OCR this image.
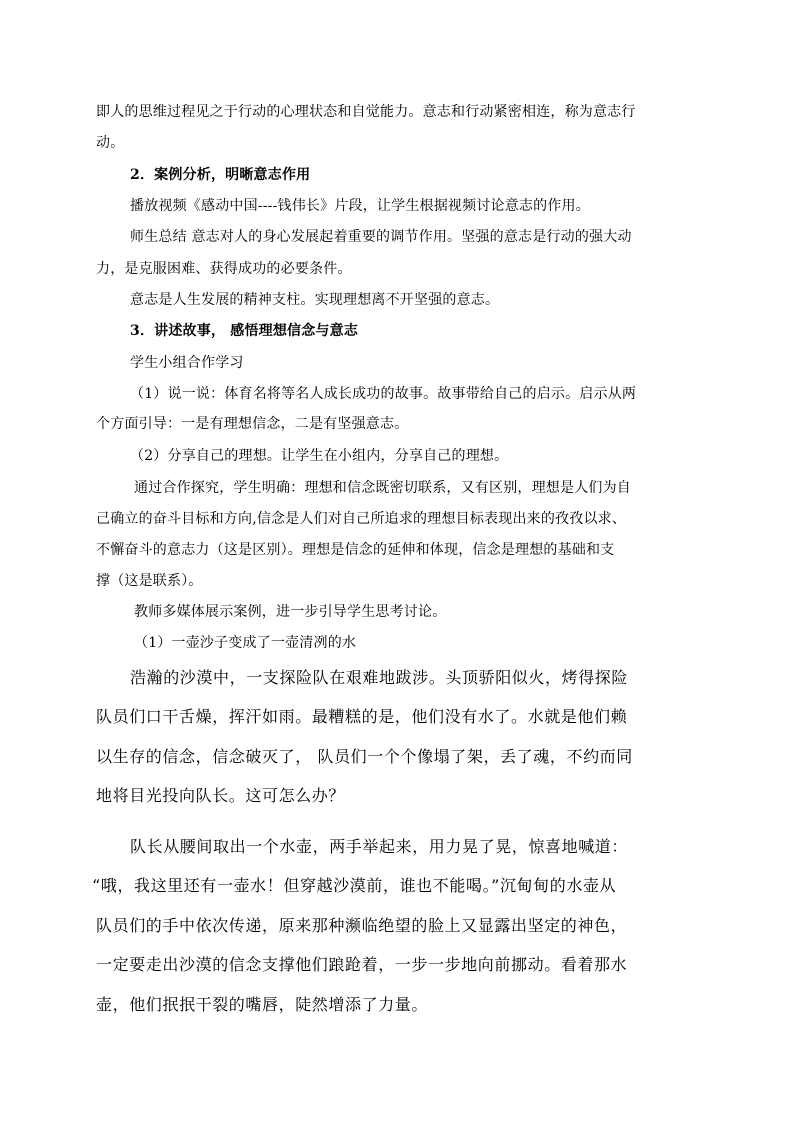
即人的思维过程见之于行动的心理状态和自觉能力。意志和行动紧密相连，称为意志行
动。
2．案例分析，明晰意志作用
播放视频《感动中国----钱伟长》片段，让学生根据视频讨论意志的作用。
师生总结 意志对人的身心发展起着重要的调节作用。坚强的意志是行动的强大动
力，是克服困难、获得成功的必要条件。
意志是人生发展的精神支柱。实现理想离不开坚强的意志。
3．讲述故事， 感悟理想信念与意志
学生小组合作学习
（1）说一说：体育名将等名人成长成功的故事。故事带给自己的启示。启示从两
个方面引导：一是有理想信念，二是有坚强意志。
（2）分享自己的理想。让学生在小组内，分享自己的理想。
通过合作探究，学生明确：理想和信念既密切联系，又有区别，理想是人们为自
己确立的奋斗目标和方向,信念是人们对自己所追求的理想目标表现出来的孜孜以求、
不懈奋斗的意志力（这是区别）。理想是信念的延伸和体现，信念是理想的基础和支
撑（这是联系）。
教师多媒体展示案例，进一步引导学生思考讨论。
（1）一壶沙子变成了一壶清冽的水
浩瀚的沙漠中，一支探险队在艰难地跋涉。头顶骄阳似火，烤得探险
队员们口干舌燥，挥汗如雨。最糟糕的是，他们没有水了。水就是他们赖
以生存的信念，信念破灭了， 队员们一个个像塌了架，丢了魂，不约而同
地将目光投向队长。这可怎么办？
队长从腰间取出一个水壶，两手举起来，用力晃了晃，惊喜地喊道：
“哦，我这里还有一壶水！但穿越沙漠前，谁也不能喝。”沉甸甸的水壶从
队员们的手中依次传递，原来那种濒临绝望的脸上又显露出坚定的神色，
一定要走出沙漠的信念支撑他们踉跄着，一步一步地向前挪动。看着那水
壶，他们抿抿干裂的嘴唇，陡然增添了力量。
